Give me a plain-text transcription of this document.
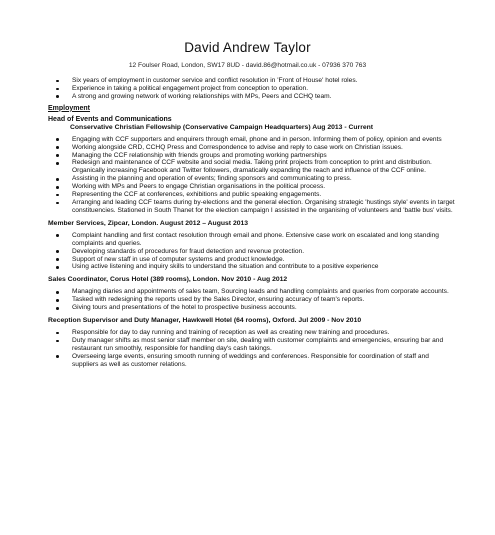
David Andrew Taylor
12 Foulser Road, London, SW17 8UD - david.86@hotmail.co.uk - 07936 370 763
Six years of employment in customer service and conflict resolution in 'Front of House' hotel roles.
Experience in taking a political engagement project from conception to operation.
A strong and growing network of working relationships with MPs, Peers and CCHQ team.
Employment
Head of Events and Communications
Conservative Christian Fellowship (Conservative Campaign Headquarters) Aug 2013 - Current
Engaging with CCF supporters and enquirers through email, phone and in person. Informing them of policy, opinion and events
Working alongside CRD, CCHQ Press and Correspondence to advise and reply to case work on Christian issues.
Managing the CCF relationship with friends groups and promoting working partnerships
Redesign and maintenance of CCF website and social media. Taking print projects from conception to print and distribution. Organically increasing Facebook and Twitter followers, dramatically expanding the reach and influence of the CCF online.
Assisting in the planning and operation of events; finding sponsors and communicating to press.
Working with MPs and Peers to engage Christian organisations in the political process.
Representing the CCF at conferences, exhibitions and public speaking engagements.
Arranging and leading CCF teams during by-elections and the general election. Organising strategic 'hustings style' events in target constituencies. Stationed in South Thanet for the election campaign I assisted in the organising of volunteers and 'battle bus' visits.
Member Services, Zipcar, London. August 2012 – August 2013
Complaint handling and first contact resolution through email and phone. Extensive case work on escalated and long standing complaints and queries.
Developing standards of procedures for fraud detection and revenue protection.
Support of new staff in use of computer systems and product knowledge.
Using active listening and inquiry skills to understand the situation and contribute to a positive experience
Sales Coordinator, Corus Hotel (389 rooms), London. Nov 2010 - Aug 2012
Managing diaries and appointments of sales team, Sourcing leads and handling complaints and queries from corporate accounts.
Tasked with redesigning the reports used by the Sales Director, ensuring accuracy of team's reports.
Giving tours and presentations of the hotel to prospective business accounts.
Reception Supervisor and Duty Manager, Hawkwell Hotel (64 rooms), Oxford. Jul 2009 - Nov 2010
Responsible for day to day running and training of reception as well as creating new training and procedures.
Duty manager shifts as most senior staff member on site, dealing with customer complaints and emergencies, ensuring bar and restaurant run smoothly, responsible for handling day's cash takings.
Overseeing large events, ensuring smooth running of weddings and conferences. Responsible for coordination of staff and suppliers as well as customer relations.
